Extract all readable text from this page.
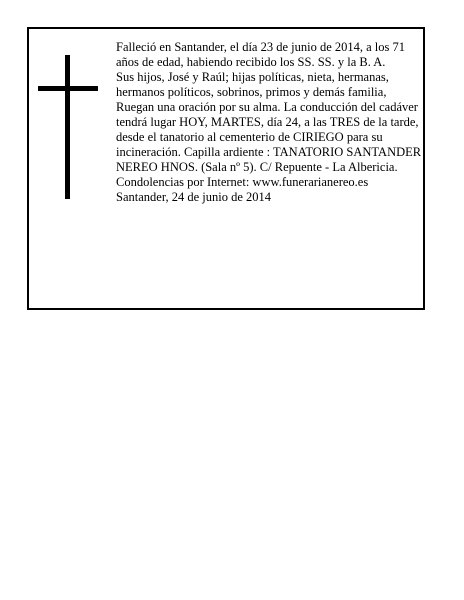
Falleció en Santander, el día 23 de junio de 2014, a los 71 años de edad, habiendo recibido los SS. SS. y la B. A.

Sus hijos, José y Raúl; hijas políticas, nieta, hermanas, hermanos políticos, sobrinos, primos y demás familia,

Ruegan una oración por su alma. La conducción del cadáver tendrá lugar HOY, MARTES, día 24, a las TRES de la tarde, desde el tanatorio al cementerio de CIRIEGO para su incineración. Capilla ardiente : TANATORIO SANTANDER NEREO HNOS. (Sala nº 5). C/ Repuente - La Albericia.

Condolencias por Internet: www.funerarianereo.es

Santander, 24 de junio de 2014
